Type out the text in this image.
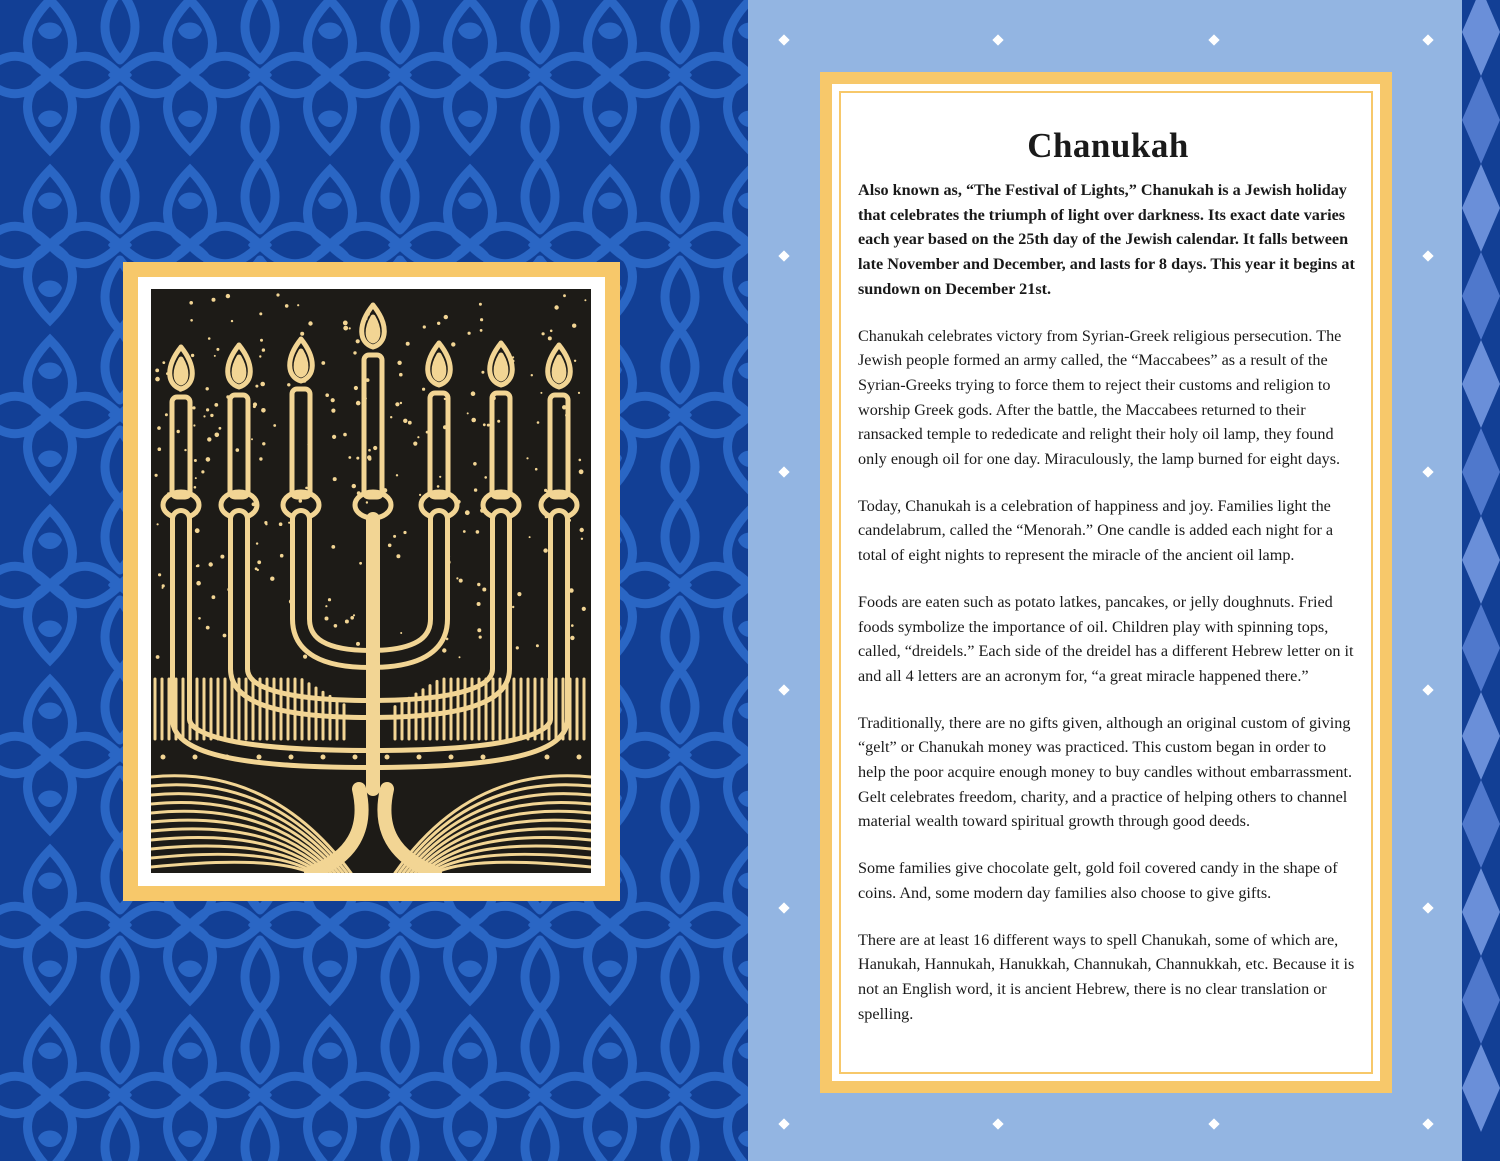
Chanukah

Also known as, “The Festival of Lights,” Chanukah is a Jewish holiday that celebrates the triumph of light over darkness. Its exact date varies each year based on the 25th day of the Jewish calendar. It falls between late November and December, and lasts for 8 days. This year it begins at sundown on December 21st.

Chanukah celebrates victory from Syrian-Greek religious persecution. The Jewish people formed an army called, the “Maccabees” as a result of the Syrian-Greeks trying to force them to reject their customs and religion to worship Greek gods. After the battle, the Maccabees returned to their ransacked temple to rededicate and relight their holy oil lamp, they found only enough oil for one day. Miraculously, the lamp burned for eight days.

Today, Chanukah is a celebration of happiness and joy. Families light the candelabrum, called the “Menorah.” One candle is added each night for a total of eight nights to represent the miracle of the ancient oil lamp.

Foods are eaten such as potato latkes, pancakes, or jelly doughnuts. Fried foods symbolize the importance of oil. Children play with spinning tops, called, “dreidels.” Each side of the dreidel has a different Hebrew letter on it and all 4 letters are an acronym for, “a great miracle happened there.”

Traditionally, there are no gifts given, although an original custom of giving “gelt” or Chanukah money was practiced. This custom began in order to help the poor acquire enough money to buy candles without embarrassment. Gelt celebrates freedom, charity, and a practice of helping others to channel material wealth toward spiritual growth through good deeds.

Some families give chocolate gelt, gold foil covered candy in the shape of coins. And, some modern day families also choose to give gifts.

There are at least 16 different ways to spell Chanukah, some of which are, Hanukah, Hannukah, Hanukkah, Channukah, Channukkah, etc. Because it is not an English word, it is ancient Hebrew, there is no clear translation or spelling.
